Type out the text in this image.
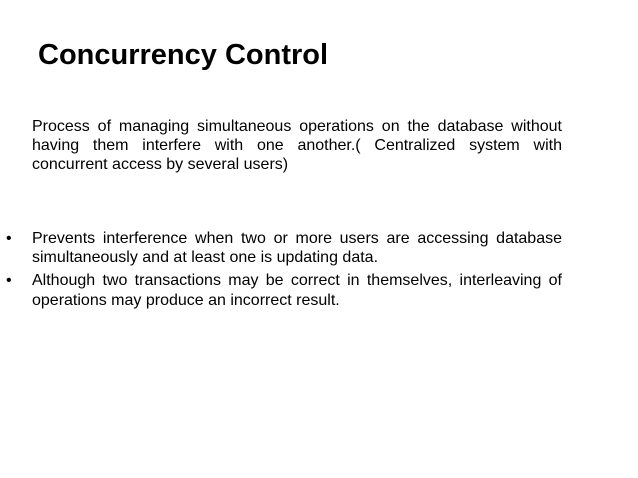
Concurrency Control

Process of managing simultaneous operations on the database without having them interfere with one another.( Centralized system with concurrent access by several users)

• Prevents interference when two or more users are accessing database simultaneously and at least one is updating data.
• Although two transactions may be correct in themselves, interleaving of operations may produce an incorrect result.
